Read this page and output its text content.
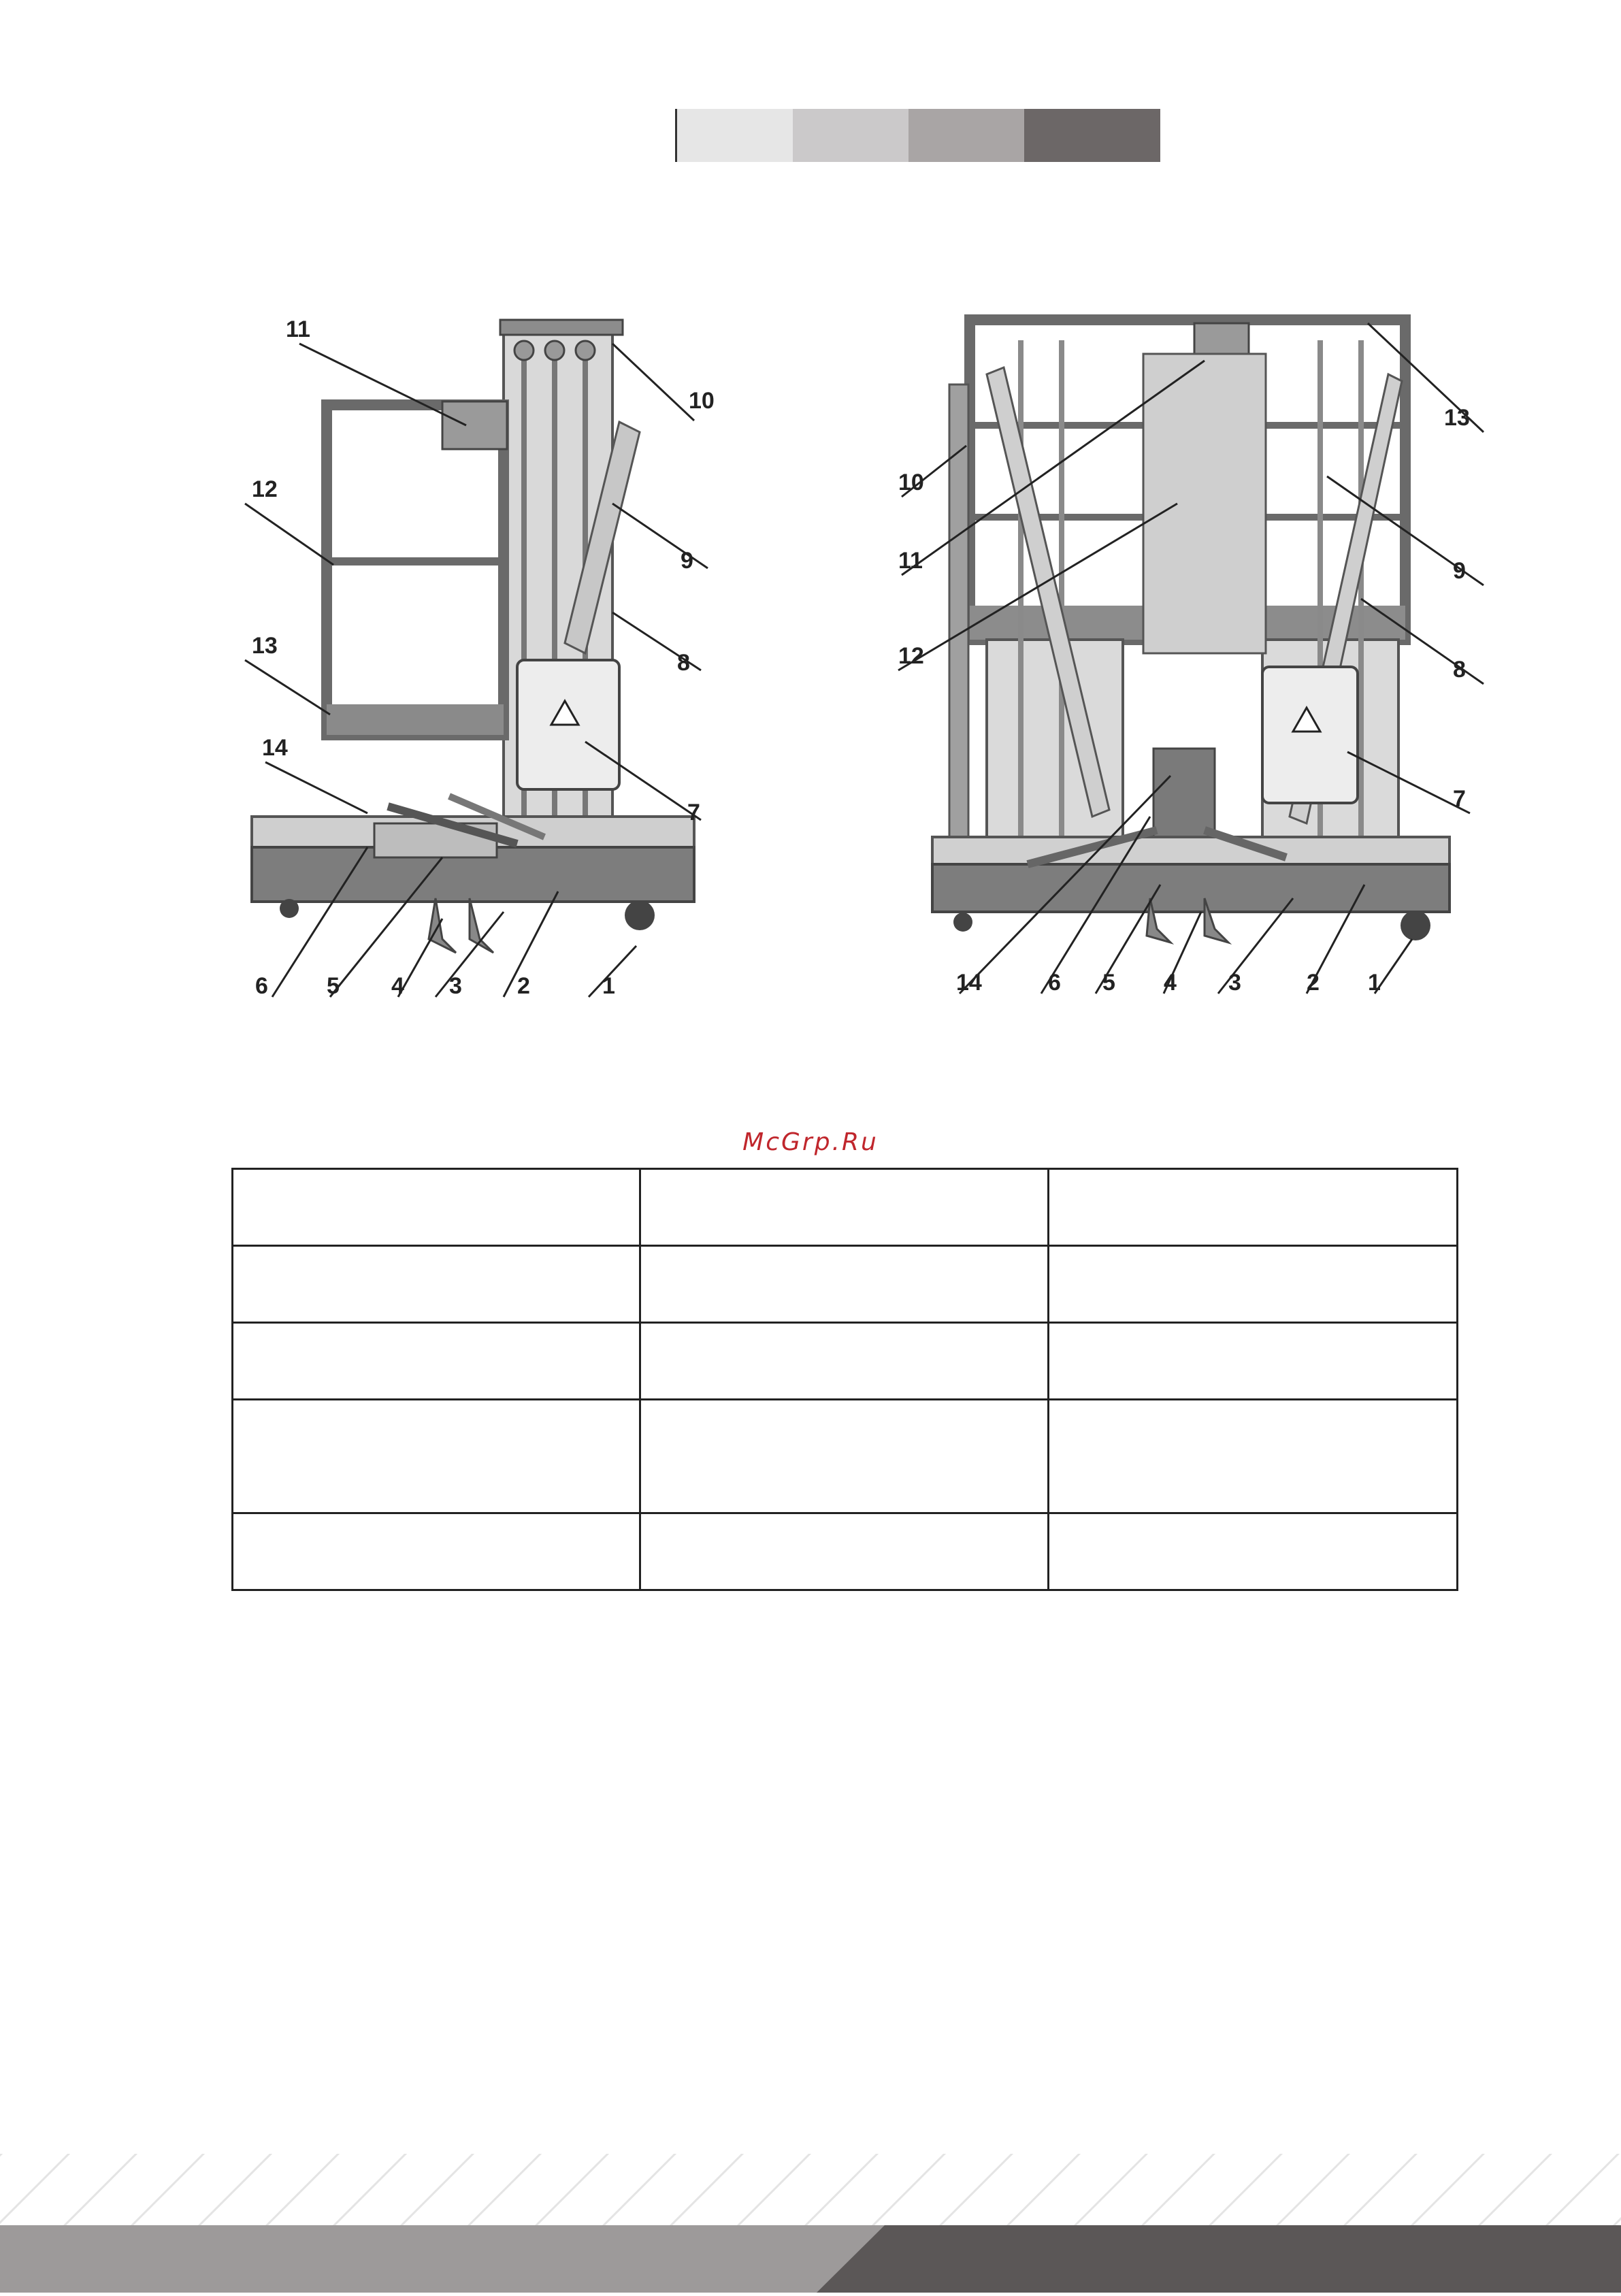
11
10
12
9
13
8
14
7
6	5 4 3 2	1
13
10
11	9
12
8
7
14	6 5 4 3	2 1
McGrp.Ru
